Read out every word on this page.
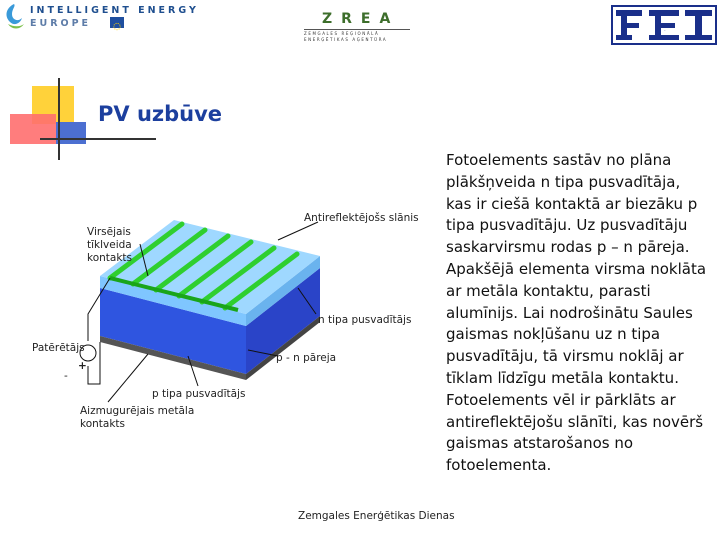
INTELLIGENT ENERGY
EUROPE	ZREA
ZEMGALES REĢIONĀLĀ
ENERĢĒTIKAS AĢENTŪRA
FEI
PV uzbūve
Virsējais tīklveida kontakts
Antireflektējošs slānis
n tipa pusvadītājs
Patērētājs
+
-
p - n pāreja
p tipa pusvadītājs
Aizmugurējais metāla kontakts
Fotoelements sastāv no plāna plākšņveida n tipa pusvadītāja, kas ir ciešā kontaktā ar biezāku p tipa pusvadītāju. Uz pusvadītāju saskarvirsmu rodas p – n pāreja. Apakšējā elementa virsma noklāta ar metāla kontaktu, parasti alumīnijs. Lai nodrošinātu Saules gaismas nokļūšanu uz n tipa pusvadītāju, tā virsmu noklāj ar tīklam līdzīgu metāla kontaktu. Fotoelements vēl ir pārklāts ar antireflektējošu slānīti, kas novērš gaismas atstarošanos no fotoelementa.
Zemgales Enerģētikas Dienas
